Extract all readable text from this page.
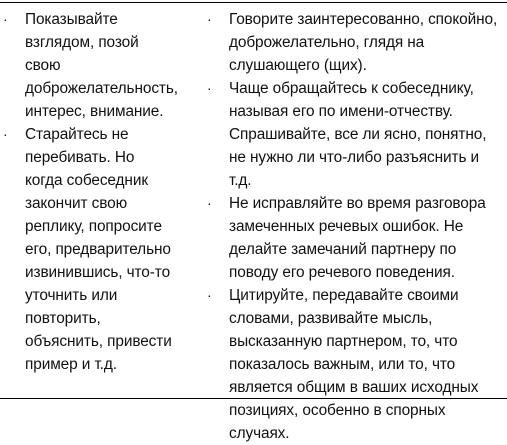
· Показывайте взглядом, позой свою доброжелательность, интерес, внимание.
· Старайтесь не перебивать. Но когда собеседник закончит свою реплику, попросите его, предварительно извинившись, что-то уточнить или повторить, объяснить, привести пример и т.д.
· Говорите заинтересованно, спокойно, доброжелательно, глядя на слушающего (щих).
· Чаще обращайтесь к собеседнику, называя его по имени-отчеству. Спрашивайте, все ли ясно, понятно, не нужно ли что-либо разъяснить и т.д.
· Не исправляйте во время разговора замеченных речевых ошибок. Не делайте замечаний партнеру по поводу его речевого поведения.
· Цитируйте, передавайте своими словами, развивайте мысль, высказанную партнером, то, что показалось важным, или то, что является общим в ваших исходных позициях, особенно в спорных случаях.
